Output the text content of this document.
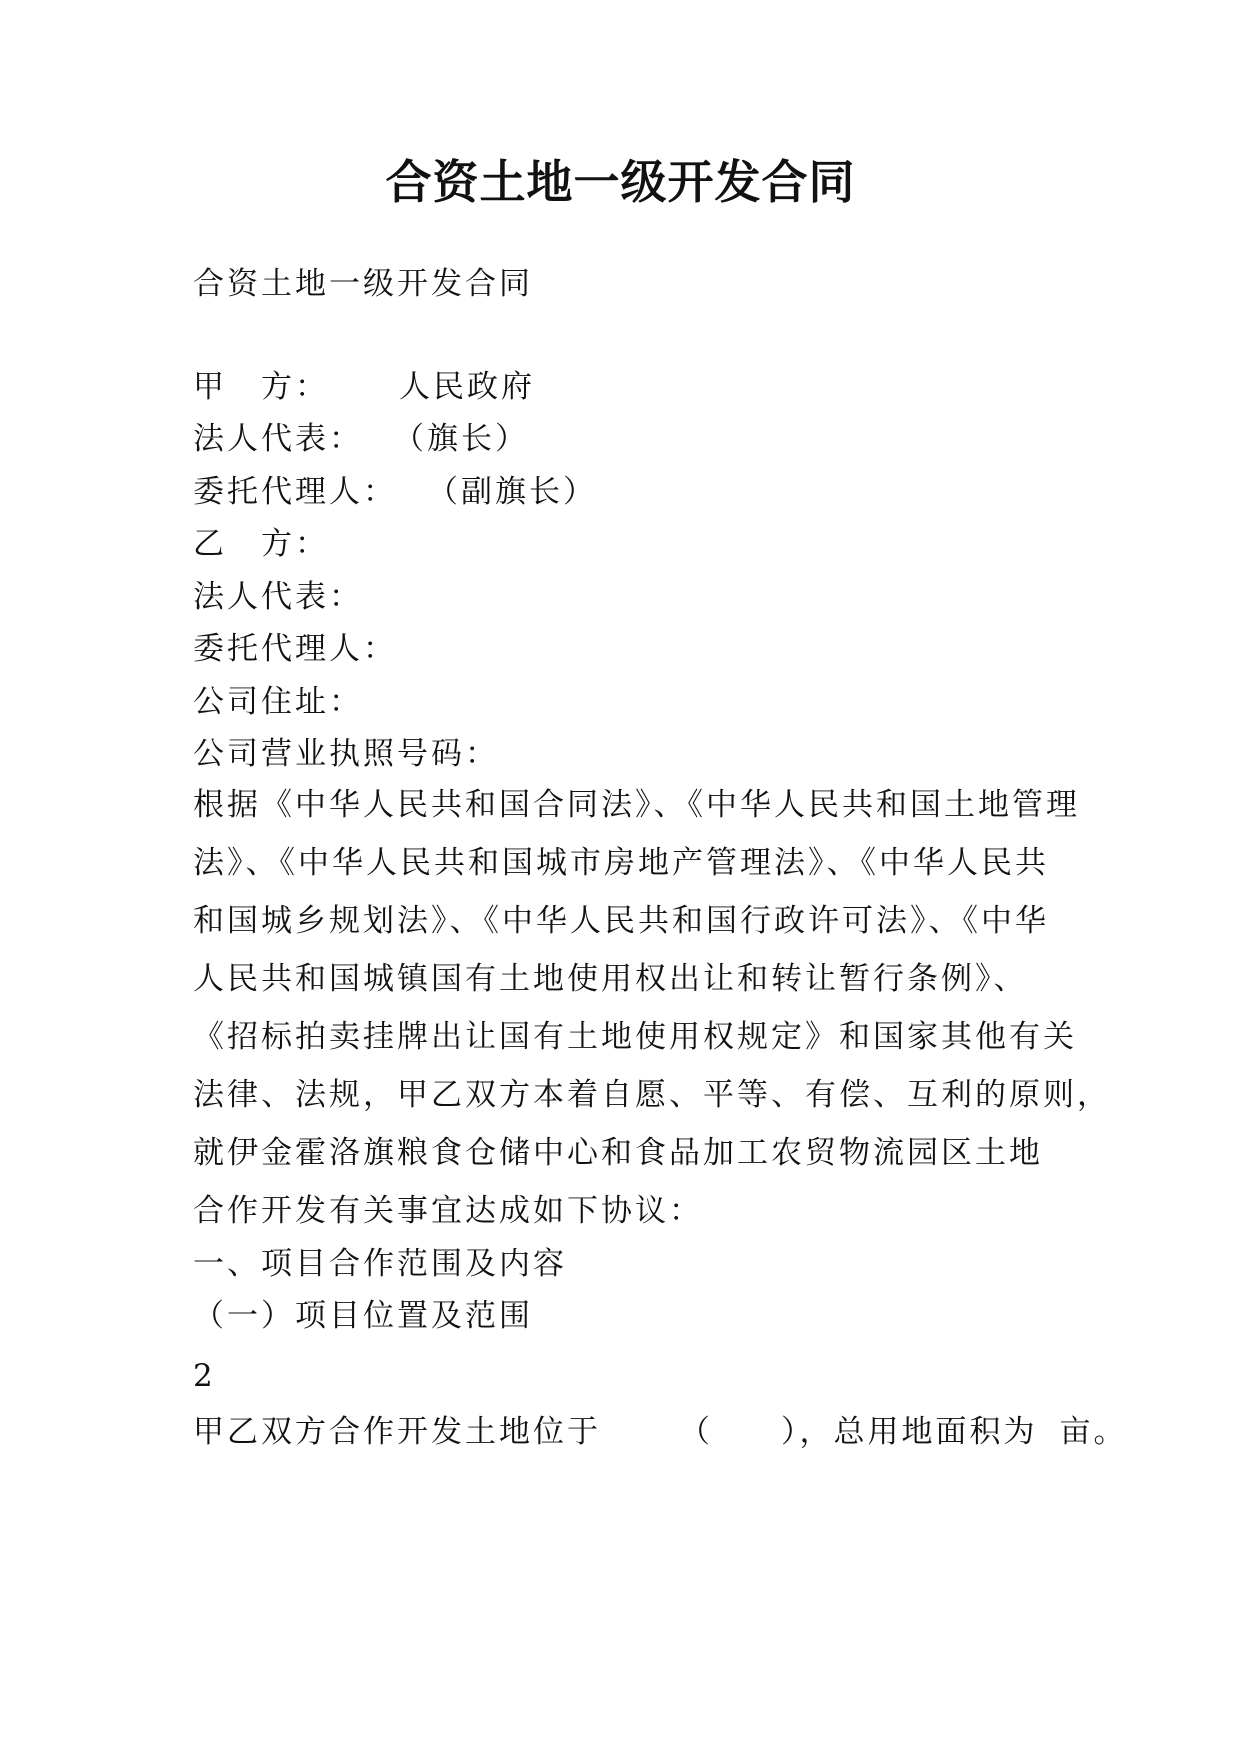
合资土地一级开发合同
合资土地一级开发合同
甲　方： 人民政府
法人代表： （旗长）
委托代理人： （副旗长）
乙　方：
法人代表：
委托代理人：
公司住址：
公司营业执照号码：
根据《中华人民共和国合同法》、《中华人民共和国土地管理
法》、《中华人民共和国城市房地产管理法》、《中华人民共
和国城乡规划法》、《中华人民共和国行政许可法》、《中华
人民共和国城镇国有土地使用权出让和转让暂行条例》、
《招标拍卖挂牌出让国有土地使用权规定》和国家其他有关
法律、法规，甲乙双方本着自愿、平等、有偿、互利的原则，
就伊金霍洛旗粮食仓储中心和食品加工农贸物流园区土地
合作开发有关事宜达成如下协议：
一、项目合作范围及内容
（一）项目位置及范围
2
甲乙双方合作开发土地位于	（　　），总用地面积为 亩。
